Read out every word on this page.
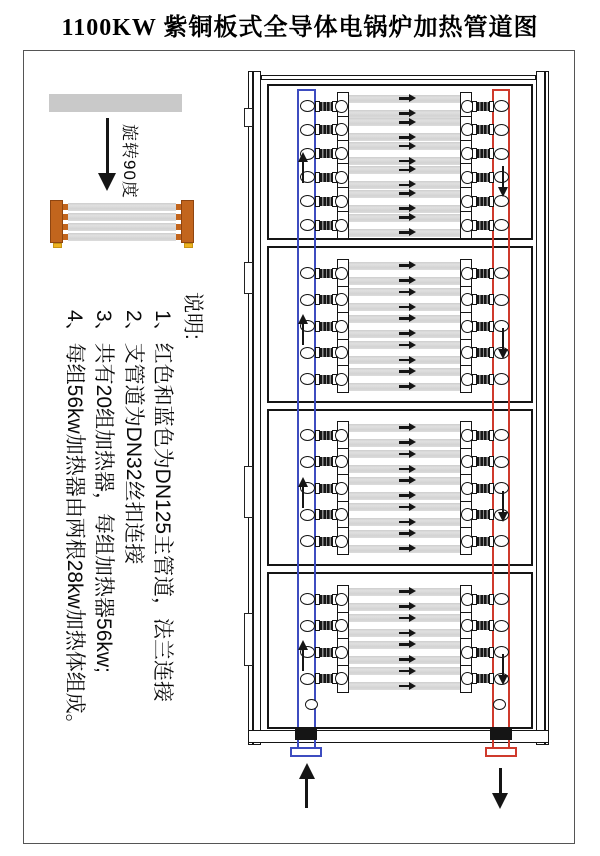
1100KW 紫铜板式全导体电锅炉加热管道图
旋转90度
说明:
1、红色和蓝色为DN125主管道，法兰连接
2、支管道为DN32丝扣连接
3、共有20组加热器，每组加热器56kw;
4、每组56kw加热器由两根28kw加热体组成。
